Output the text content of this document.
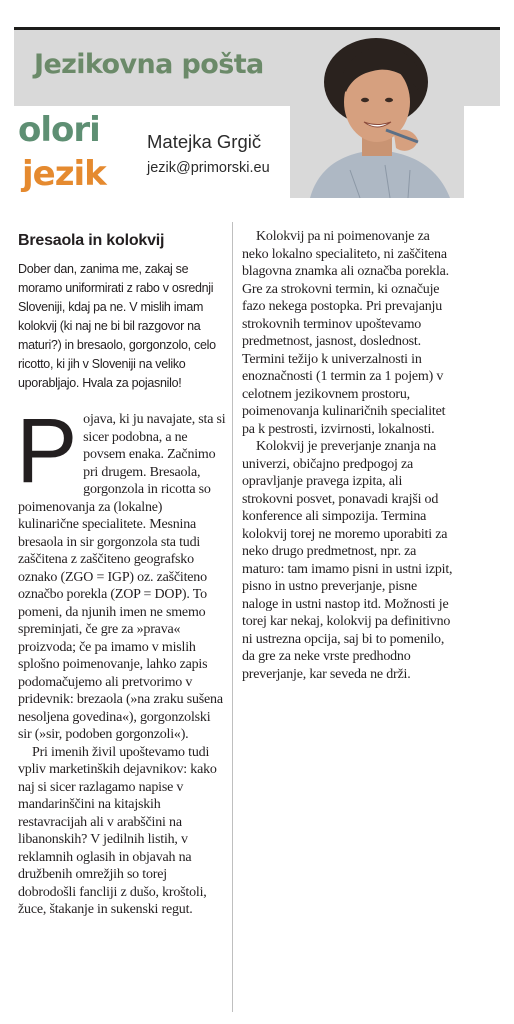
Jezikovna pošta
olori
jezik
Matejka Grgič
jezik@primorski.eu
Bresaola in kolokvij

Dober dan, zanima me, zakaj se moramo uniformirati z rabo v osrednji Sloveniji, kdaj pa ne. V mislih imam kolokvij (ki naj ne bi bil razgovor na maturi?) in bresaolo, gorgonzolo, celo ricotto, ki jih v Sloveniji na veliko uporabljajo. Hvala za pojasnilo!

P ojava, ki ju navajate, sta si sicer podobna, a ne povsem enaka. Začnimo pri drugem. Bresaola, gorgonzola in ricotta so poimenovanja za (lokalne) kulinarične specialitete. Mesnina bresaola in sir gorgonzola sta tudi zaščitena z zaščiteno geografsko oznako (ZGO = IGP) oz. zaščiteno označbo porekla (ZOP = DOP). To pomeni, da njunih imen ne smemo spreminjati, če gre za »prava« proizvoda; če pa imamo v mislih splošno poimenovanje, lahko zapis podomačujemo ali pretvorimo v pridevnik: brezaola (»na zraku sušena nesoljena govedina«), gorgonzolski sir (»sir, podoben gorgonzoli«).

Pri imenih živil upoštevamo tudi vpliv marketinških dejavnikov: kako naj si sicer razlagamo napise v mandarinščini na kitajskih restavracijah ali v arabščini na libanonskih? V jedilnih listih, v reklamnih oglasih in objavah na družbenih omrežjih so torej dobrodošli fancliji z dušo, kroštoli, žuce, štakanje in sukenski regut.

Kolokvij pa ni poimenovanje za neko lokalno specialiteto, ni zaščitena blagovna znamka ali označba porekla. Gre za strokovni termin, ki označuje fazo nekega postopka. Pri prevajanju strokovnih terminov upoštevamo predmetnost, jasnost, doslednost. Termini težijo k univerzalnosti in enoznačnosti (1 termin za 1 pojem) v celotnem jezikovnem prostoru, poimenovanja kulinaričnih specialitet pa k pestrosti, izvirnosti, lokalnosti.

Kolokvij je preverjanje znanja na univerzi, običajno predpogoj za opravljanje pravega izpita, ali strokovni posvet, ponavadi krajši od konference ali simpozija. Termina kolokvij torej ne moremo uporabiti za neko drugo predmetnost, npr. za maturo: tam imamo pisni in ustni izpit, pisno in ustno preverjanje, pisne naloge in ustni nastop itd. Možnosti je torej kar nekaj, kolokvij pa definitivno ni ustrezna opcija, saj bi to pomenilo, da gre za neke vrste predhodno preverjanje, kar seveda ne drži.
